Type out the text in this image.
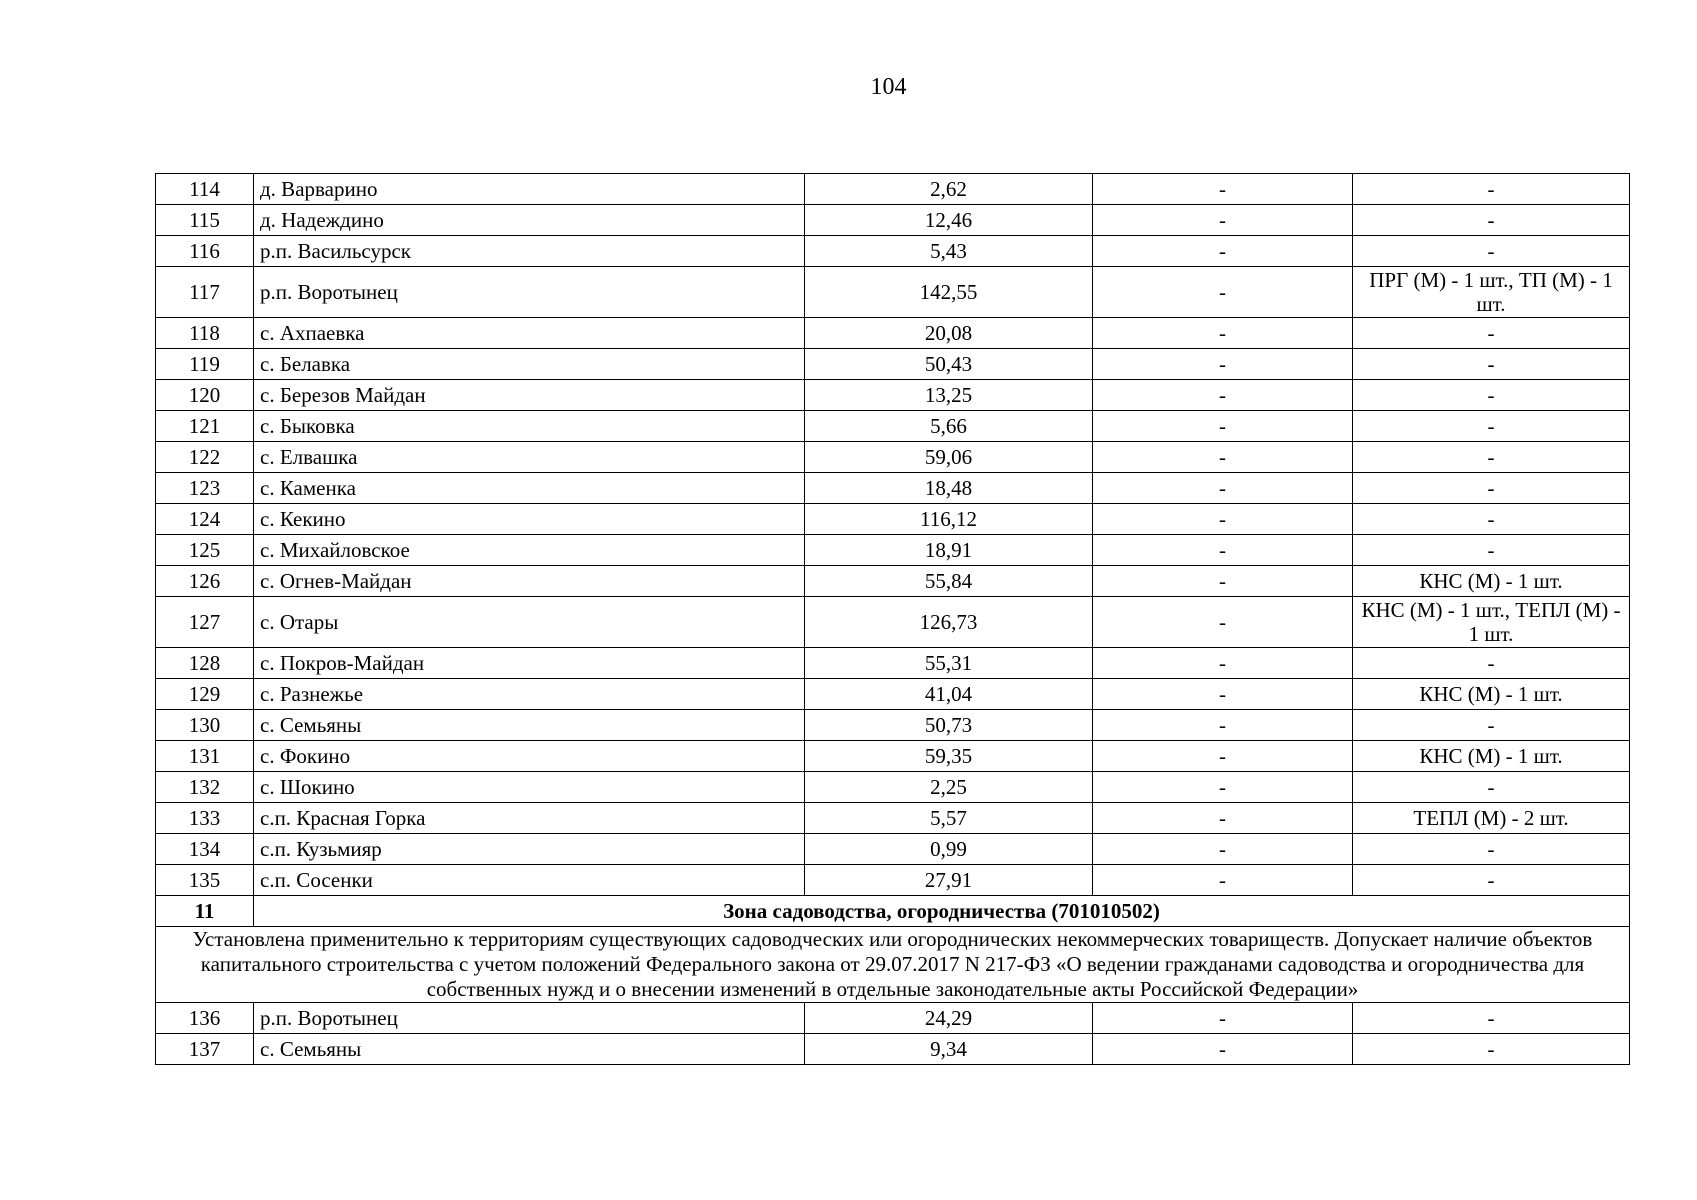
104
114	д. Варварино	2,62	-	-
115	д. Надеждино	12,46	-	-
116	р.п. Васильсурск	5,43	-	-
117	р.п. Воротынец	142,55	-	ПРГ (М) - 1 шт., ТП (М) - 1 шт.
118	с. Ахпаевка	20,08	-	-
119	с. Белавка	50,43	-	-
120	с. Березов Майдан	13,25	-	-
121	с. Быковка	5,66	-	-
122	с. Елвашка	59,06	-	-
123	с. Каменка	18,48	-	-
124	с. Кекино	116,12	-	-
125	с. Михайловское	18,91	-	-
126	с. Огнев-Майдан	55,84	-	КНС (М) - 1 шт.
127	с. Отары	126,73	-	КНС (М) - 1 шт., ТЕПЛ (М) - 1 шт.
128	с. Покров-Майдан	55,31	-	-
129	с. Разнежье	41,04	-	КНС (М) - 1 шт.
130	с. Семьяны	50,73	-	-
131	с. Фокино	59,35	-	КНС (М) - 1 шт.
132	с. Шокино	2,25	-	-
133	с.п. Красная Горка	5,57	-	ТЕПЛ (М) - 2 шт.
134	с.п. Кузьмияр	0,99	-	-
135	с.п. Сосенки	27,91	-	-
11	Зона садоводства, огородничества (701010502)			
Установлена применительно к территориям существующих садоводческих или огороднических некоммерческих товариществ. Допускает наличие объектов капитального строительства с учетом положений Федерального закона от 29.07.2017 N 217-ФЗ «О ведении гражданами садоводства и огородничества для собственных нужд и о внесении изменений в отдельные законодательные акты Российской Федерации»				
136	р.п. Воротынец	24,29	-	-
137	с. Семьяны	9,34	-	-
